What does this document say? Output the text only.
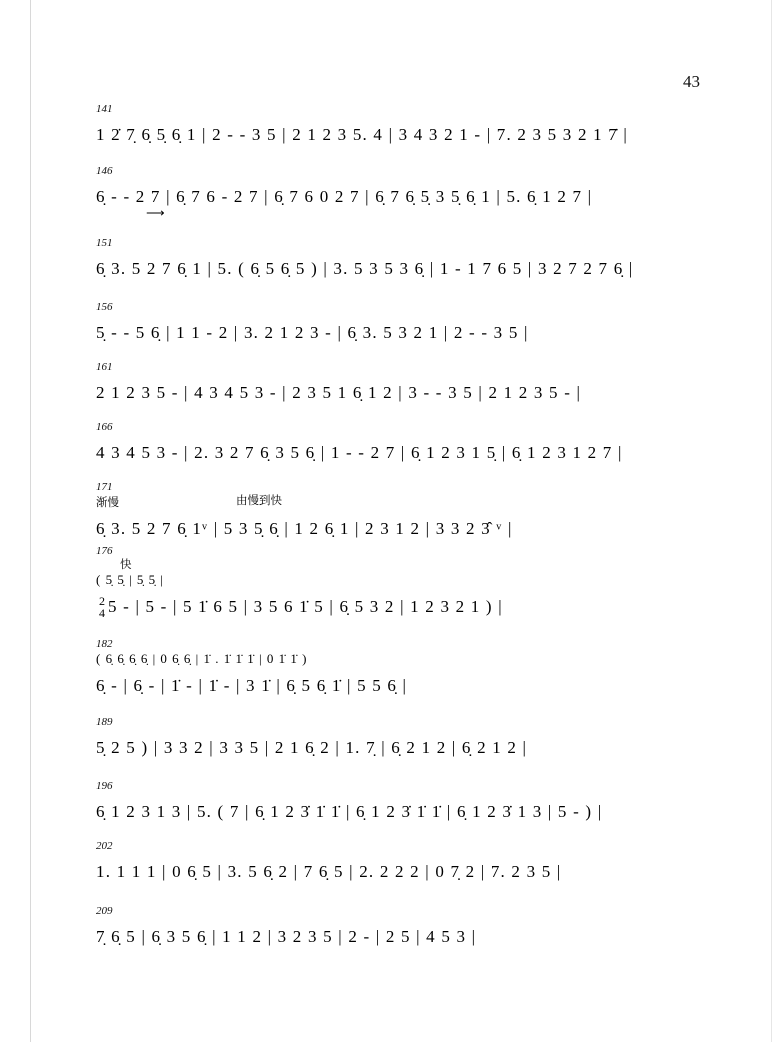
43
141
1 2̇ 7̣ 6̣ 5̣ 6̣ 1 | 2 - - 3 5 | 2 1 2 3 5. 4 | 3 4 3 2 1 - | 7. 2 3 5 3 2 1 7̇ |
146
6̣ - - 2 7 | 6̣ 7 6 - 2 7 | 6̣ 7 6 0 2 7 | 6̣ 7 6̣ 5̣ 3 5̣ 6̣ 1 | 5. 6̣ 1 2 7 |
⟶
151
6̣ 3. 5 2 7 6̣ 1 | 5. ( 6̣ 5 6̣ 5 ) | 3. 5 3 5 3 6̣ | 1 - 1 7 6 5 | 3 2 7 2 7 6̣ |
156
5̣ - - 5 6̣ | 1 1 - 2 | 3. 2 1 2 3 - | 6̣ 3. 5 3 2 1 | 2 - - 3 5 |
161
2 1 2 3 5 - | 4 3 4 5 3 - | 2 3 5 1 6̣ 1 2 | 3 - - 3 5 | 2 1 2 3 5 - |
166
4 3 4 5 3 - | 2. 3 2 7 6̣ 3 5 6̣ | 1 - - 2 7 | 6̣ 1 2 3 1 5̣ | 6̣ 1 2 3 1 2 7 |
171
渐慢	由慢到快
6̣ 3. 5 2 7 6̣ 1ᵛ | 5 3 5̣ 6̣ | 1 2 6̣ 1 | 2 3 1 2 | 3 3 2 3̂ ᵛ |
176
快
( 5̣ 5̣ | 5̣ 5̣ |
2
4 5 - | 5 - | 5 1̇ 6 5 | 3 5 6 1̇ 5 | 6̣ 5 3 2 | 1 2 3 2 1 ) |
182
( 6̣ 6̣ 6̣ 6̣ | 0 6̣ 6̣ | 1̇ . 1̇ 1̇ 1̇ | 0 1̇ 1̇ )
6̣ - | 6̣ - | 1̇ - | 1̇ - | 3 1̇ | 6̣ 5 6̣ 1̇ | 5 5 6̣ |
189
5̣ 2 5 ) | 3 3 2 | 3 3 5 | 2 1 6̣ 2 | 1. 7̣ | 6̣ 2 1 2 | 6̣ 2 1 2 |
196
6̣ 1 2 3 1 3 | 5. ( 7 | 6̣ 1 2 3̇ 1̇ 1̇ | 6̣ 1 2 3̇ 1̇ 1̇ | 6̣ 1 2 3̇ 1 3 | 5 - ) |
202
1. 1 1 1 | 0 6̣ 5 | 3. 5 6̣ 2 | 7 6̣ 5 | 2. 2 2 2 | 0 7̣ 2 | 7. 2 3 5 |
209
7̣ 6̣ 5 | 6̣ 3 5 6̣ | 1 1 2 | 3 2 3 5 | 2 - | 2 5 | 4 5 3 |
